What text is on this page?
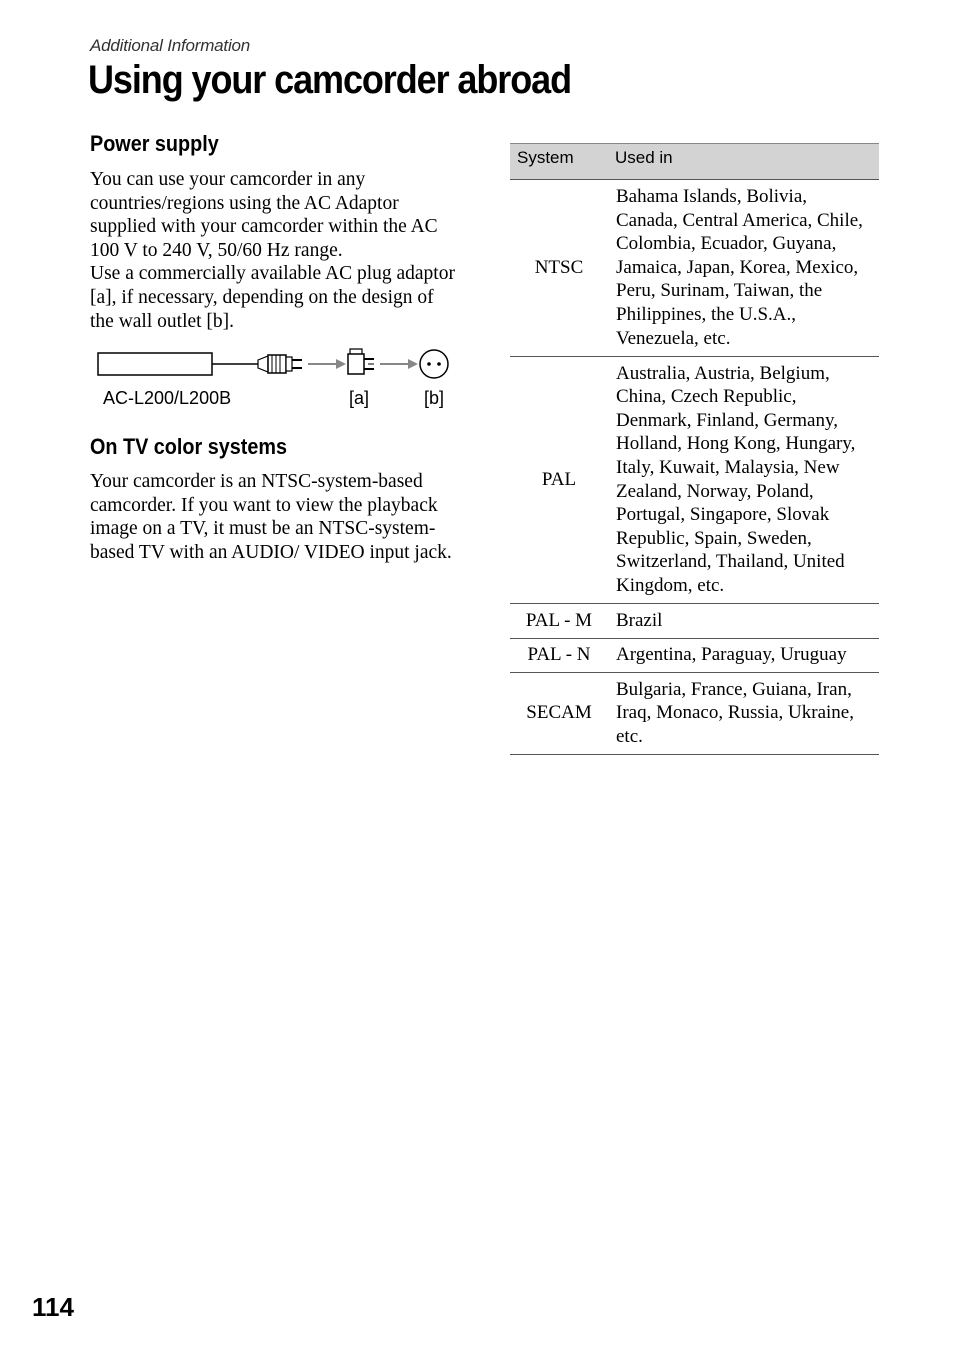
Additional Information
Using your camcorder abroad
Power supply

You can use your camcorder in any countries/regions using the AC Adaptor supplied with your camcorder within the AC 100 V to 240 V, 50/60 Hz range.

Use a commercially available AC plug adaptor [a], if necessary, depending on the design of the wall outlet [b].

AC-L200/L200B	[a]	[b]
On TV color systems

Your camcorder is an NTSC-system-based camcorder. If you want to view the playback image on a TV, it must be an NTSC-system-based TV with an AUDIO/ VIDEO input jack.

System	Used in
NTSC	Bahama Islands, Bolivia, Canada, Central America, Chile, Colombia, Ecuador, Guyana, Jamaica, Japan, Korea, Mexico, Peru, Surinam, Taiwan, the Philippines, the U.S.A., Venezuela, etc.
PAL	Australia, Austria, Belgium, China, Czech Republic, Denmark, Finland, Germany, Holland, Hong Kong, Hungary, Italy, Kuwait, Malaysia, New Zealand, Norway, Poland, Portugal, Singapore, Slovak Republic, Spain, Sweden, Switzerland, Thailand, United Kingdom, etc.
PAL - M	Brazil
PAL - N	Argentina, Paraguay, Uruguay
SECAM	Bulgaria, France, Guiana, Iran, Iraq, Monaco, Russia, Ukraine, etc.
114
